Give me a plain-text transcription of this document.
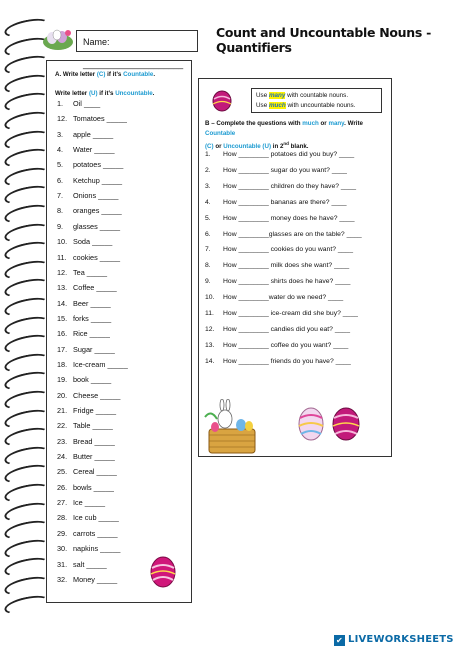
Name: ____________________
Count and Uncountable Nouns - Quantifiers
A. Write letter (C) if it’s Countable.
Write letter (U) if it’s Uncountable.
1. Oil ____
12. Tomatoes _____
3. apple _____
4. Water _____
5. potatoes _____
6. Ketchup _____
7. Onions _____
8. oranges _____
9. glasses _____
10. Soda _____
11. cookies _____
12. Tea _____
13. Coffee _____
14. Beer _____
15. forks _____
16. Rice _____
17. Sugar _____
18. Ice-cream _____
19. book _____
20. Cheese _____
21. Fridge _____
22. Table _____
23. Bread _____
24. Butter _____
25. Cereal _____
26. bowls _____
27. Ice _____
28. Ice cub _____
29. carrots _____
30. napkins _____
31. salt _____
32. Money _____
Use many with countable nouns.
Use much with uncountable nouns.
B – Complete the questions with much or many. Write Countable
(C) or Uncountable (U) in 2nd blank.
1. How ________ potatoes did you buy? ____
2. How ________ sugar do you want? ____
3. How ________ children do they have? ____
4. How ________ bananas are there? ____
5. How ________ money does he have? ____
6. How ________glasses are on the table? ____
7. How ________ cookies do you want? ____
8. How ________ milk does she want? ____
9. How ________ shirts does he have? ____
10. How ________water do we need? ____
11. How ________ ice-cream did she buy? ____
12. How ________ candies did you eat? ____
13. How ________ coffee do you want? ____
14. How ________ friends do you have? ____
✔ LIVEWORKSHEETS
